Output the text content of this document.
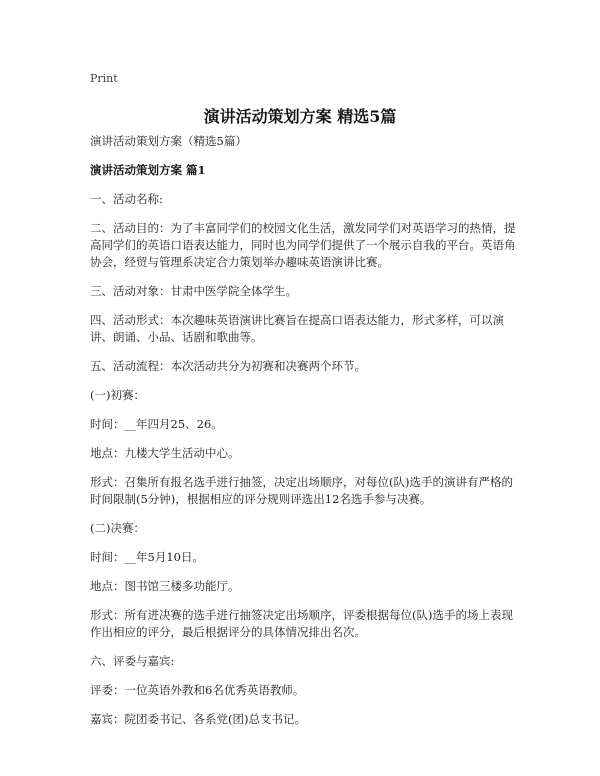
Print
演讲活动策划方案 精选5篇
演讲活动策划方案（精选5篇）
演讲活动策划方案 篇1
一、活动名称:
二、活动目的：为了丰富同学们的校园文化生活，激发同学们对英语学习的热情，提高同学们的英语口语表达能力，同时也为同学们提供了一个展示自我的平台。英语角协会，经贸与管理系决定合力策划举办趣味英语演讲比赛。
三、活动对象：甘肃中医学院全体学生。
四、活动形式：本次趣味英语演讲比赛旨在提高口语表达能力，形式多样，可以演讲、朗诵、小品、话剧和歌曲等。
五、活动流程：本次活动共分为初赛和决赛两个环节。
(一)初赛：
时间：__年四月25、26。
地点：九楼大学生活动中心。
形式：召集所有报名选手进行抽签，决定出场顺序，对每位(队)选手的演讲有严格的时间限制(5分钟)，根据相应的评分规则评选出12名选手参与决赛。
(二)决赛：
时间：__年5月10日。
地点：图书馆三楼多功能厅。
形式：所有进决赛的选手进行抽签决定出场顺序，评委根据每位(队)选手的场上表现作出相应的评分，最后根据评分的具体情况排出名次。
六、评委与嘉宾:
评委：一位英语外教和6名优秀英语教师。
嘉宾：院团委书记、各系党(团)总支书记。
